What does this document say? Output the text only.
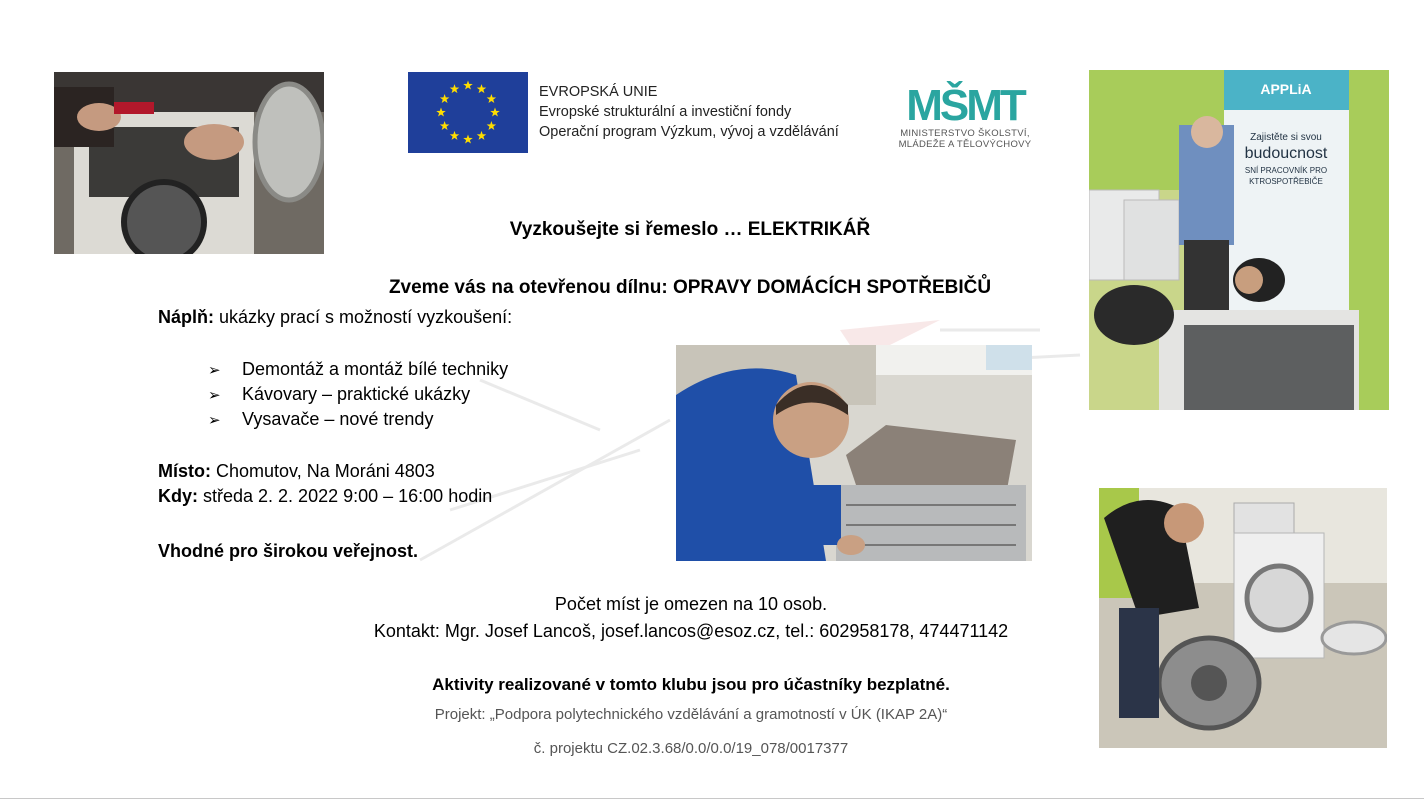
EVROPSKÁ UNIE
Evropské strukturální a investiční fondy
Operační program Výzkum, vývoj a vzdělávání
MŠMT
MINISTERSTVO ŠKOLSTVÍ,
MLÁDEŽE A TĚLOVÝCHOVY
APPLiA
Zajistěte si svou
budoucnost
SNÍ PRACOVNÍK PRO
KTROSPOTŘEBIČE
Vyzkoušejte si řemeslo … ELEKTRIKÁŘ
Zveme vás na otevřenou dílnu: OPRAVY DOMÁCÍCH SPOTŘEBIČŮ
Náplň: ukázky prací s možností vyzkoušení:
➢ Demontáž a montáž bílé techniky
➢ Kávovary – praktické ukázky
➢ Vysavače – nové trendy
Místo: Chomutov, Na Moráni 4803
Kdy: středa 2. 2. 2022 9:00 – 16:00 hodin
Vhodné pro širokou veřejnost.
Počet míst je omezen na 10 osob.
Kontakt: Mgr. Josef Lancoš, josef.lancos@esoz.cz, tel.: 602958178, 474471142
Aktivity realizované v tomto klubu jsou pro účastníky bezplatné.
Projekt: „Podpora polytechnického vzdělávání a gramotností v ÚK (IKAP 2A)“
č. projektu CZ.02.3.68/0.0/0.0/19_078/0017377
